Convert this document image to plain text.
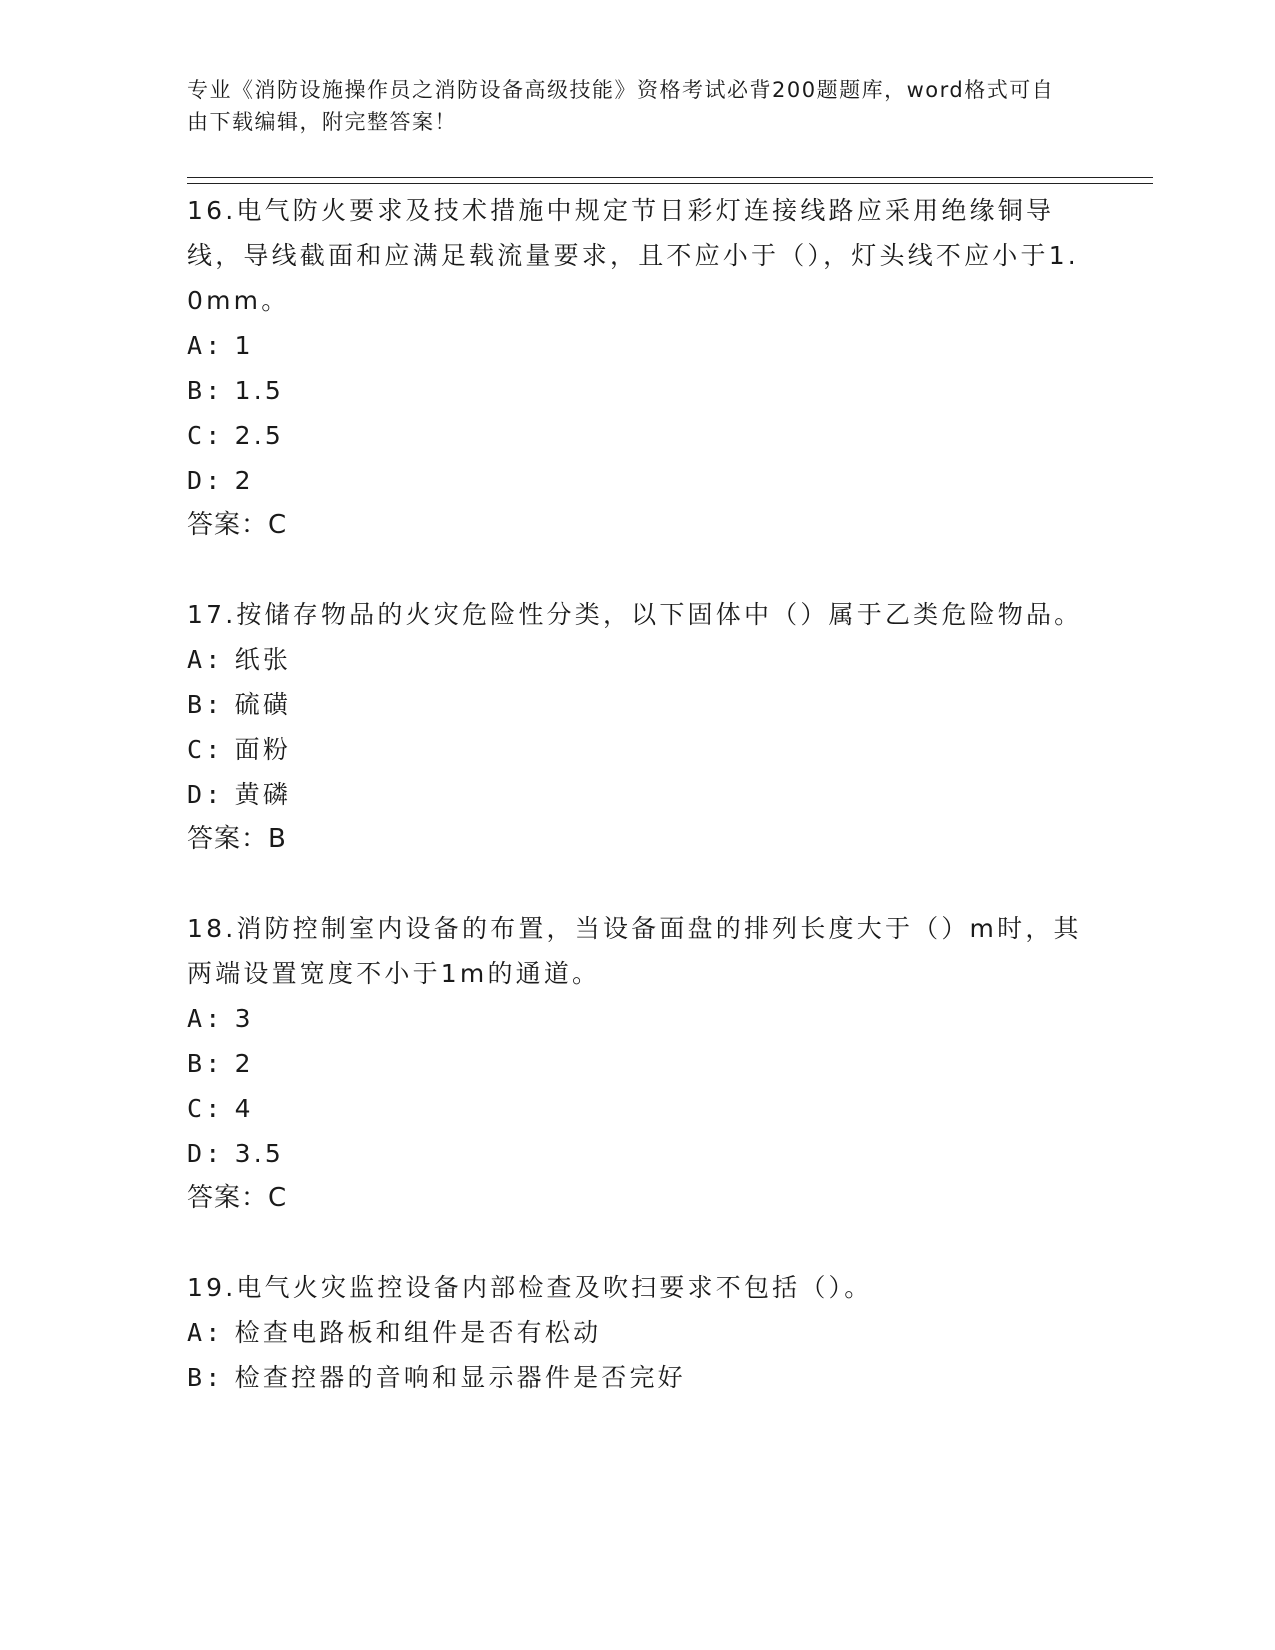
专业《消防设施操作员之消防设备高级技能》资格考试必背200题题库，word格式可自由下载编辑，附完整答案！
16.电气防火要求及技术措施中规定节日彩灯连接线路应采用绝缘铜导线，导线截面和应满足载流量要求，且不应小于（），灯头线不应小于1.0mm。
A: 1
B: 1.5
C: 2.5
D: 2
答案：C
17.按储存物品的火灾危险性分类，以下固体中（）属于乙类危险物品。
A: 纸张
B: 硫磺
C: 面粉
D: 黄磷
答案：B
18.消防控制室内设备的布置，当设备面盘的排列长度大于（）m时，其两端设置宽度不小于1m的通道。
A: 3
B: 2
C: 4
D: 3.5
答案：C
19.电气火灾监控设备内部检查及吹扫要求不包括（）。
A: 检查电路板和组件是否有松动
B: 检查控器的音响和显示器件是否完好
